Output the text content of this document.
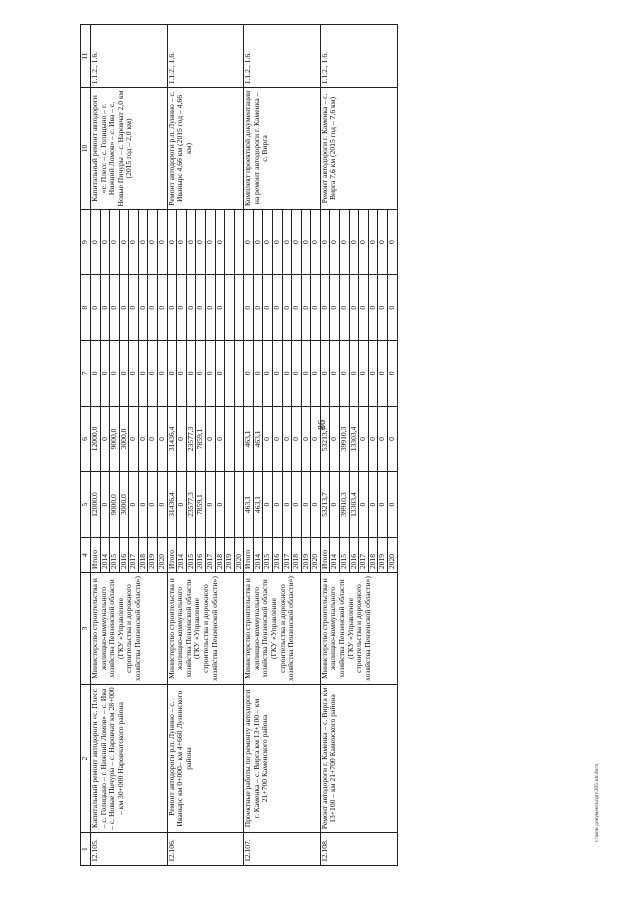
86
1	2	3	4	5	6	7	8	9	10	11
12.105.	Капитальный ремонт автодороги «с. Плесс – с. Голицыно – г. Нижний Ломов» – с. Ива – с. Новые Пичуры – с. Наровчат км 28+000 – км 30+000 Наровчатского района	Министерство строительства и жилищно-коммунального хозяйства Пензенской области (ГКУ «Управление строительства и дорожного хозяйства Пензенской области»)	Итого	12000,0	12000,0	0	0	0	Капитальный ремонт автодороги «с. Плесс – с. Голицыно – г. Нижний Ломов» – с. Ива – с. Новые Пичуры – с. Наровчат 2,0 км (2015 год – 2,0 км)	1.1.2., 1.6.
			2014	0	0	0	0	0		
			2015	9000,0	9000,0	0	0	0		
			2016	3000,0	3000,0	0	0	0		
			2017	0	0	0	0	0		
			2018	0	0	0	0	0		
			2019	0	0	0	0	0		
			2020	0	0	0	0	0		
12.106.	Ремонт автодороги р.п. Лунино – с. Иванырс км 0+000– км 4+660 Лунинского района	Министерство строительства и жилищно-коммунального хозяйства Пензенской области (ГКУ «Управление строительства и дорожного хозяйства Пензенской области»)	Итого	31436,4	31436,4	0	0	0	Ремонт автодороги р.п. Лунино – с. Иванырс 4,66 км (2015 год – 4,66 км)	1.1.2., 1.6.
			2014	0	0	0	0	0		
			2015	23577,3	23577,3	0	0	0		
			2016	7859,1	7859,1	0	0	0		
			2017	0	0	0	0	0		
			2018	0	0	0	0	0		
			2019							
			2020							
12.107.	Проектные работы по ремонту автодороги г. Каменка – с. Вирга км 13+100 – км 21+700 Каменского района	Министерство строительства и жилищно-коммунального хозяйства Пензенской области (ГКУ «Управление строительства и дорожного хозяйства Пензенской области»)	Итого	463,1	463,1	0	0	0	Комплект проектной документации на ремонт автодороги г. Каменка – с. Вирга	1.1.2., 1.6.
			2014	463,1	463,1	0	0	0		
			2015	0	0	0	0	0		
			2016	0	0	0	0	0		
			2017	0	0	0	0	0		
			2018	0	0	0	0	0		
			2019	0	0	0	0	0		
			2020	0	0	0	0	0		
12.108.	Ремонт автодороги г. Каменка – с. Вирга км 13+100 – км 21+700 Каменского района	Министерство строительства и жилищно-коммунального хозяйства Пензенской области (ГКУ «Управление строительства и дорожного хозяйства Пензенской области»)	Итого	53213,7	53213,7	0	0	0	Ремонт автодороги г. Каменка – с. Вирга 7,6 км (2015 год – 7,6 км)	1.1.2., 1.6.
			2014	0	0	0	0	0		
			2015	39910,3	39910,3	0	0	0		
			2016	13303,4	13303,4	0	0	0		
			2017	0	0	0	0	0		
			2018	0	0	0	0	0		
			2019	0	0	0	0	0		
			2020	0	0	0	0	0		
c:\мои документы\рп\305-пп.docx
